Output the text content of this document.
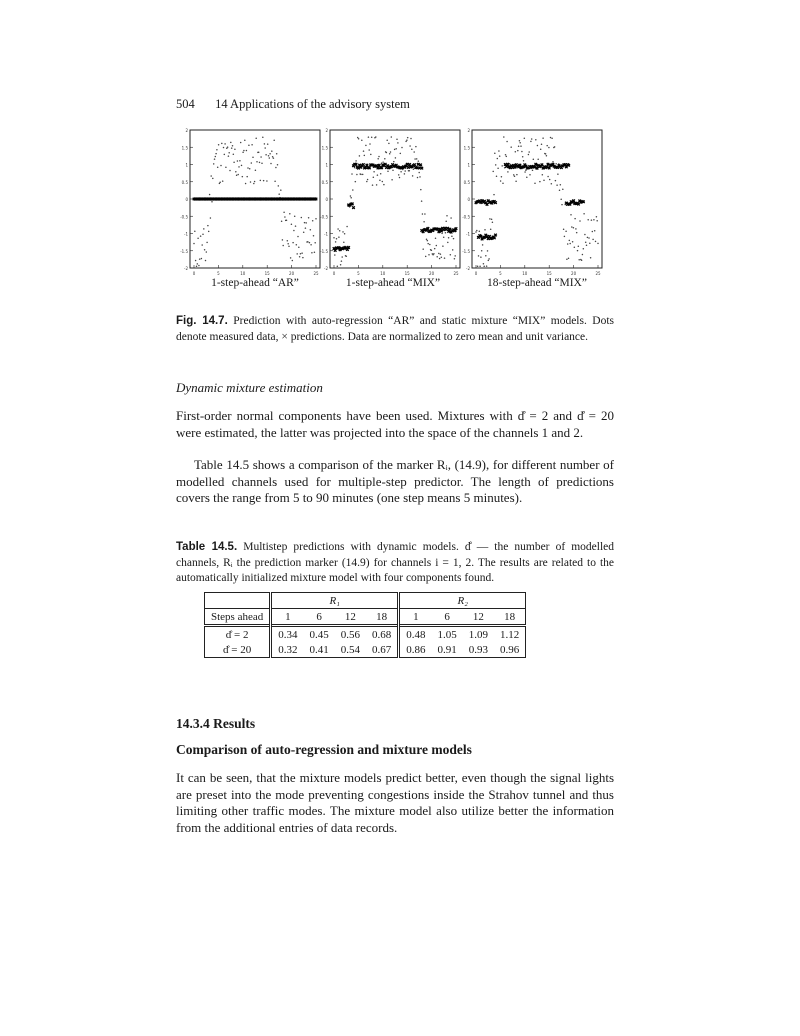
504 14 Applications of the advisory system
2
1.5
1
0.5
0
-0.5
-1
-1.5
-2
0	5	10	15	20	25
2
1.5
1
0.5
0
-0.5
-1
-1.5
-2
0	5	10	15	20	25
2
1.5
1
0.5
0
-0.5
-1
-1.5
-2
0	5	10	15	20	25
1-step-ahead “AR”	1-step-ahead “MIX”	18-step-ahead “MIX”
Fig. 14.7. Prediction with auto-regression “AR” and static mixture “MIX” models. Dots denote measured data, × predictions. Data are normalized to zero mean and unit variance.
Dynamic mixture estimation
First-order normal components have been used. Mixtures with d̊ = 2 and d̊ = 20 were estimated, the latter was projected into the space of the channels 1 and 2.
Table 14.5 shows a comparison of the marker Rᵢ, (14.9), for different number of modelled channels used for multiple-step predictor. The length of predictions covers the range from 5 to 90 minutes (one step means 5 minutes).
Table 14.5. Multistep predictions with dynamic models. d̊ — the number of modelled channels, Rᵢ the prediction marker (14.9) for channels i = 1, 2. The results are related to the automatically initialized mixture model with four components found.
	R₁				R₂			
Steps ahead	1	6	12	18	1	6	12	18
d̊ = 2	0.34	0.45	0.56	0.68	0.48	1.05	1.09	1.12
d̊ = 20	0.32	0.41	0.54	0.67	0.86	0.91	0.93	0.96
14.3.4 Results
Comparison of auto-regression and mixture models
It can be seen, that the mixture models predict better, even though the signal lights are preset into the mode preventing congestions inside the Strahov tunnel and thus limiting other traffic modes. The mixture model also utilize better the information from the additional entries of data records.
